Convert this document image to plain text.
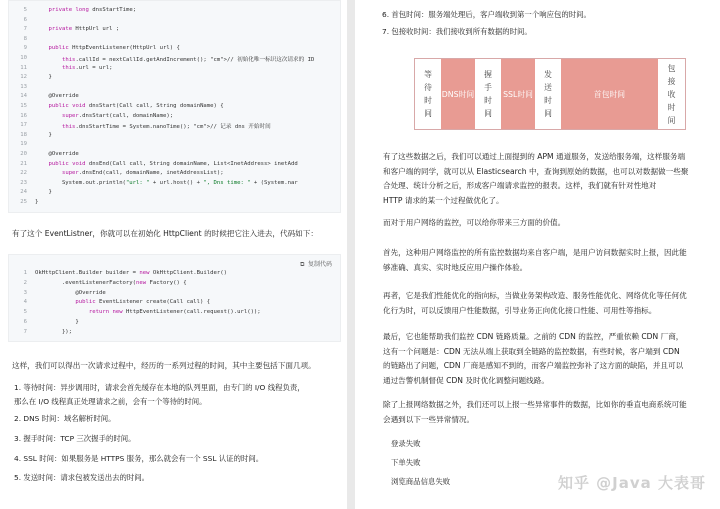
5	private long dnsStartTime;
6
7	private HttpUrl url ;
8
9	public HttpEventListener(HttpUrl url) {
10	this.callId = nextCallId.getAndIncrement(); "cm">// 初始化唯一标识这次请求的 ID
11	this.url = url;
12 }
13
14 @Override
15	public void dnsStart(Call call, String domainName) {
16	super.dnsStart(call, domainName);
17	this.dnsStartTime = System.nanoTime(); "cm">// 记录 dns 开始时间
18 }
19
20 @Override
21	public void dnsEnd(Call call, String domainName, List<InetAddress> inetAdd
22	super.dnsEnd(call, domainName, inetAddressList);
23 System.out.println("url: " + url.host() + ", Dns time: " + (System.nar
24 }
25 }
有了这个 EventListner，你就可以在初始化 HttpClient 的时候把它注入进去，代码如下：
⧉ 复制代码
1 OkHttpClient.Builder builder = new OkHttpClient.Builder()
2 .eventListenerFactory(new Factory() {
3 @Override
4	public EventListener create(Call call) {
5	return new HttpEventListener(call.request().url());
6 }
7 });
这样，我们可以得出一次请求过程中，经历的一系列过程的时间，其中主要包括下面几项。
1. 等待时间：异步调用时，请求会首先缓存在本地的队列里面，由专门的 I/O 线程负责，
那么在 I/O 线程真正处理请求之前，会有一个等待的时间。
2. DNS 时间：域名解析时间。
3. 握手时间：TCP 三次握手的时间。
4. SSL 时间：如果服务是 HTTPS 服务，那么就会有一个 SSL 认证的时间。
5. 发送时间：请求包被发送出去的时间。
6. 首包时间：服务端处理后，客户端收到第一个响应包的时间。
7. 包接收时间：我们接收到所有数据的时间。
等
待
时
间
DNS时间
握
手
时
间
SSL时间
发
送
时
间
首包时间
包
接
收
时
间
有了这些数据之后，我们可以通过上面提到的 APM 通道服务，发送给服务端，这样服务端
和客户端的同学，就可以从 Elasticsearch 中，查询到原始的数据，也可以对数据做一些聚
合处理、统计分析之后，形成客户端请求监控的报表。这样，我们就有针对性地对
HTTP 请求的某一个过程做优化了。
而对于用户网络的监控，可以给你带来三方面的价值。
首先，这种用户网络监控的所有监控数据均来自客户端，是用户访问数据实时上报，因此能
够准确、真实、实时地反应用户操作体验。
再者，它是我们性能优化的指向标，当做业务架构改造、服务性能优化、网络优化等任何优
化行为时，可以反馈用户性能数据，引导业务正向优化接口性能、可用性等指标。
最后，它也能帮助我们监控 CDN 链路质量。之前的 CDN 的监控，严重依赖 CDN 厂商，
这有一个问题是：CDN 无法从端上获取到全链路的监控数据，有些时候，客户端到 CDN
的链路出了问题，CDN 厂商是感知不到的，而客户端监控弥补了这方面的缺陷，并且可以
通过告警机制督促 CDN 及时优化调整问题线路。
除了上报网络数据之外，我们还可以上报一些异常事件的数据，比如你的垂直电商系统可能
会遇到以下一些异常情况。
登录失败
下单失败
浏览商品信息失败	知乎 @Java 大表哥
